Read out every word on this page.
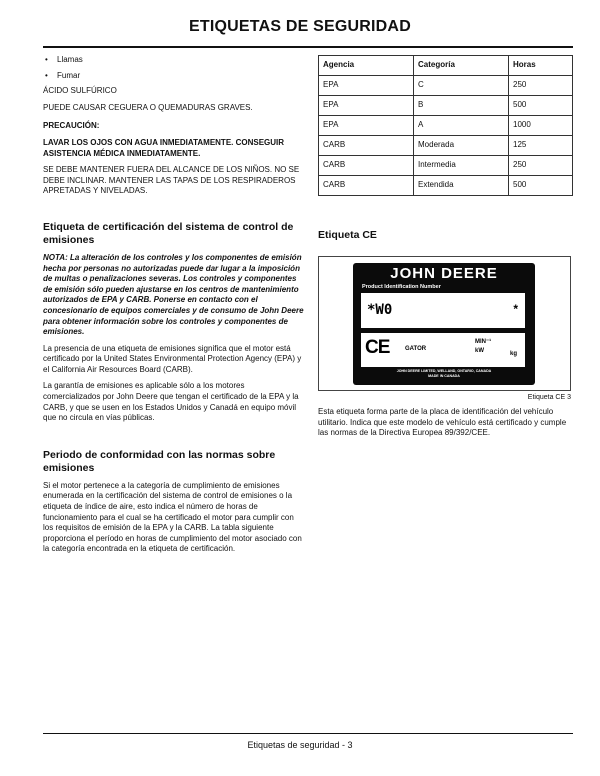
ETIQUETAS DE SEGURIDAD
• Llamas
• Fumar

ÁCIDO SULFÚRICO

PUEDE CAUSAR CEGUERA O QUEMADURAS GRAVES.

PRECAUCIÓN:

LAVAR LOS OJOS CON AGUA INMEDIATAMENTE. CONSEGUIR ASISTENCIA MÉDICA INMEDIATAMENTE.

SE DEBE MANTENER FUERA DEL ALCANCE DE LOS NIÑOS. NO SE DEBE INCLINAR. MANTENER LAS TAPAS DE LOS RESPIRADEROS APRETADAS Y NIVELADAS.

Etiqueta de certificación del sistema de control de emisiones

NOTA: La alteración de los controles y los componentes de emisión hecha por personas no autorizadas puede dar lugar a la imposición de multas o penalizaciones severas. Los controles y componentes de emisión sólo pueden ajustarse en los centros de mantenimiento autorizados de EPA y CARB. Ponerse en contacto con el concesionario de equipos comerciales y de consumo de John Deere para obtener información sobre los controles y componentes de emisiones.

La presencia de una etiqueta de emisiones significa que el motor está certificado por la United States Environmental Protection Agency (EPA) y el California Air Resources Board (CARB).

La garantía de emisiones es aplicable sólo a los motores comercializados por John Deere que tengan el certificado de la EPA y la CARB, y que se usen en los Estados Unidos y Canadá en equipo móvil que no circula en vías públicas.

Periodo de conformidad con las normas sobre emisiones

Si el motor pertenece a la categoría de cumplimiento de emisiones enumerada en la certificación del sistema de control de emisiones o la etiqueta de índice de aire, esto indica el número de horas de funcionamiento para el cual se ha certificado el motor para cumplir con los requisitos de emisión de la EPA y la CARB. La tabla siguiente proporciona el período en horas de cumplimiento del motor asociado con la categoría encontrada en la etiqueta de certificación.

Agencia	Categoría	Horas
EPA	C	250
EPA	B	500
EPA	A	1000
CARB	Moderada	125
CARB	Intermedia	250
CARB	Extendida	500
Etiqueta CE
JOHN DEERE
Product Identification Number
*W0	*
CE	GATOR
MIN⁻¹
kW	kg
JOHN DEERE LIMITED, WELLAND, ONTARIO, CANADA
MADE IN CANADA
Etiqueta CE 3

Esta etiqueta forma parte de la placa de identificación del vehículo utilitario. Indica que este modelo de vehículo está certificado y cumple las normas de la Directiva Europea 89/392/CEE.

Etiquetas de seguridad - 3
